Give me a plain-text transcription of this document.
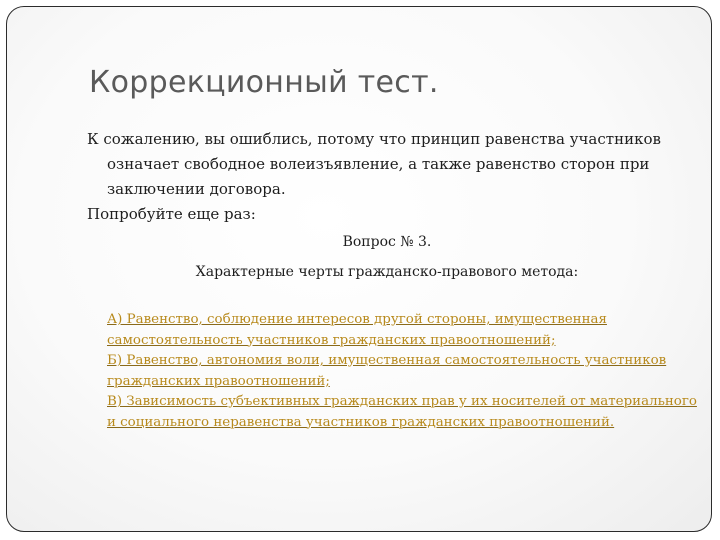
Коррекционный тест.

К сожалению, вы ошиблись, потому что принцип равенства участников означает свободное волеизъявление, а также равенство сторон при заключении договора.

Попробуйте еще раз:

Вопрос № 3.
Характерные черты гражданско-правового метода:
А) Равенство, соблюдение интересов другой стороны, имущественная самостоятельность участников гражданских правоотношений;
Б) Равенство, автономия воли, имущественная самостоятельность участников гражданских правоотношений;
В) Зависимость субъективных гражданских прав у их носителей от материального и социального неравенства участников гражданских правоотношений.
